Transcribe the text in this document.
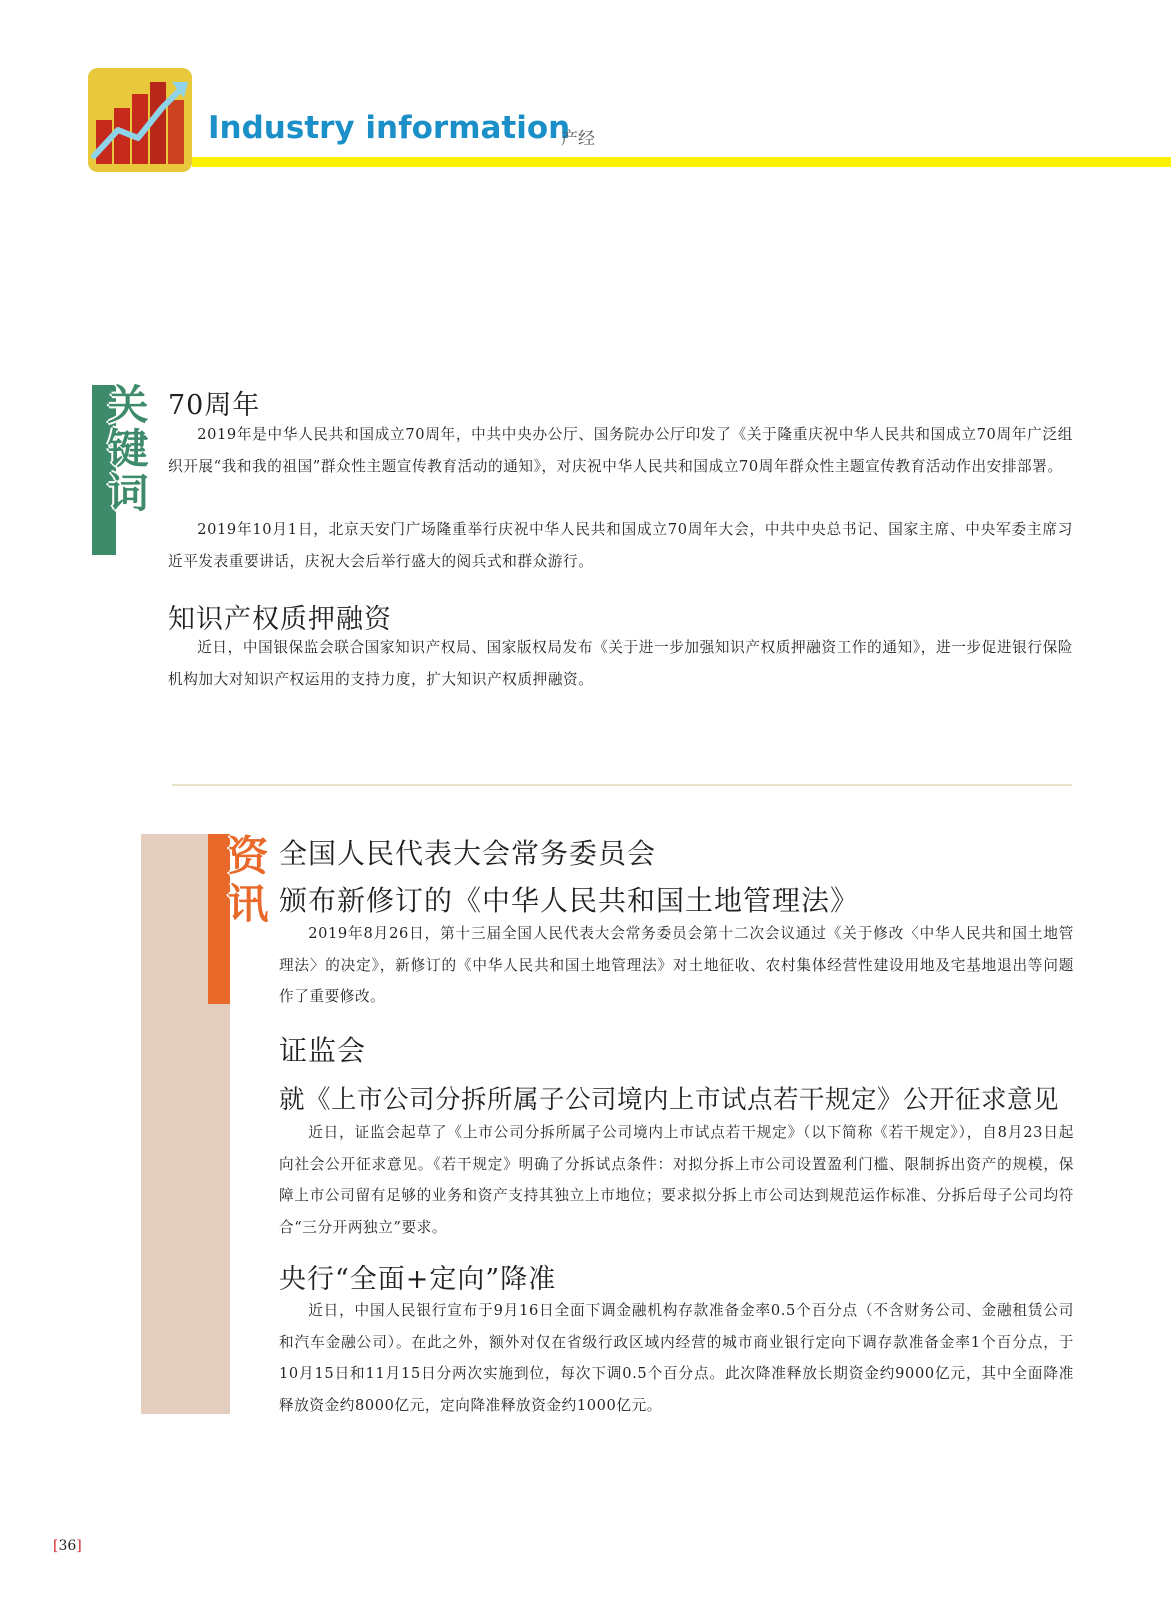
Industry information
产经
关
键
词
70周年
2019年是中华人民共和国成立70周年，中共中央办公厅、国务院办公厅印发了《关于隆重庆祝中华人民共和国成立70周年广泛组织开展“我和我的祖国”群众性主题宣传教育活动的通知》，对庆祝中华人民共和国成立70周年群众性主题宣传教育活动作出安排部署。
2019年10月1日，北京天安门广场隆重举行庆祝中华人民共和国成立70周年大会，中共中央总书记、国家主席、中央军委主席习近平发表重要讲话，庆祝大会后举行盛大的阅兵式和群众游行。
知识产权质押融资
近日，中国银保监会联合国家知识产权局、国家版权局发布《关于进一步加强知识产权质押融资工作的通知》，进一步促进银行保险机构加大对知识产权运用的支持力度，扩大知识产权质押融资。
资
讯
全国人民代表大会常务委员会
颁布新修订的《中华人民共和国土地管理法》
2019年8月26日，第十三届全国人民代表大会常务委员会第十二次会议通过《关于修改〈中华人民共和国土地管理法〉的决定》，新修订的《中华人民共和国土地管理法》对土地征收、农村集体经营性建设用地及宅基地退出等问题作了重要修改。
证监会
就《上市公司分拆所属子公司境内上市试点若干规定》公开征求意见
近日，证监会起草了《上市公司分拆所属子公司境内上市试点若干规定》（以下简称《若干规定》），自8月23日起向社会公开征求意见。《若干规定》明确了分拆试点条件：对拟分拆上市公司设置盈利门槛、限制拆出资产的规模，保障上市公司留有足够的业务和资产支持其独立上市地位；要求拟分拆上市公司达到规范运作标准、分拆后母子公司均符合“三分开两独立”要求。
央行“全面+定向”降准
近日，中国人民银行宣布于9月16日全面下调金融机构存款准备金率0.5个百分点（不含财务公司、金融租赁公司和汽车金融公司）。在此之外，额外对仅在省级行政区域内经营的城市商业银行定向下调存款准备金率1个百分点，于10月15日和11月15日分两次实施到位，每次下调0.5个百分点。此次降准释放长期资金约9000亿元，其中全面降准释放资金约8000亿元，定向降准释放资金约1000亿元。
[36]
